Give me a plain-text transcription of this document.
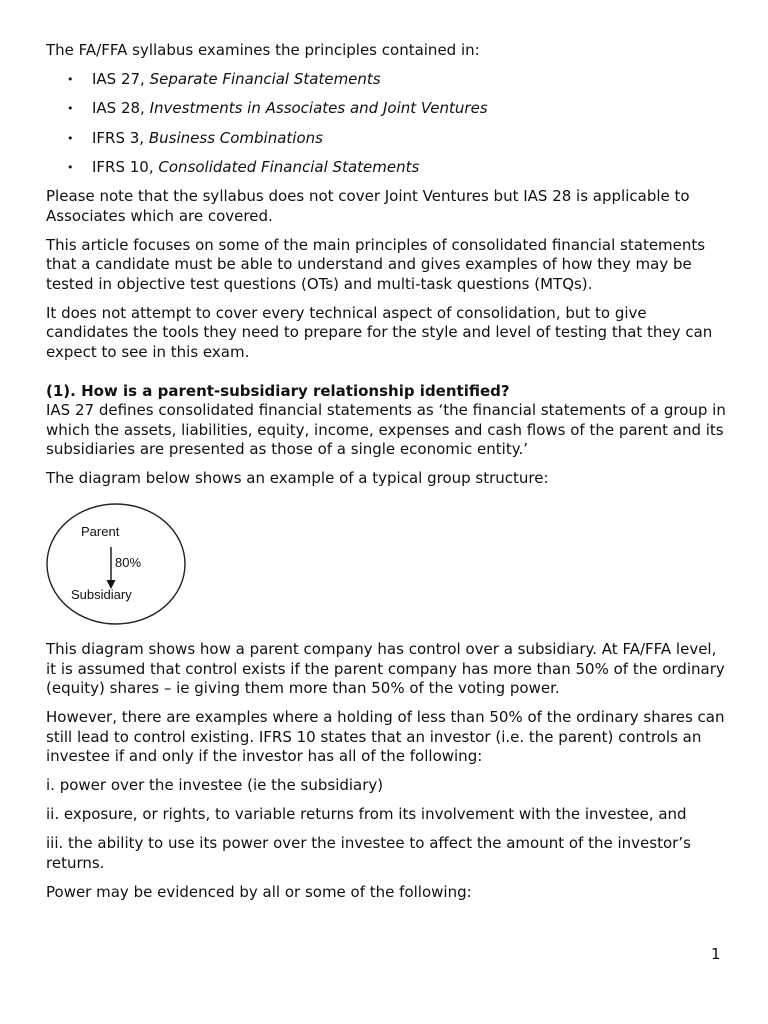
The FA/FFA syllabus examines the principles contained in:

• IAS 27, Separate Financial Statements
• IAS 28, Investments in Associates and Joint Ventures
• IFRS 3, Business Combinations
• IFRS 10, Consolidated Financial Statements

Please note that the syllabus does not cover Joint Ventures but IAS 28 is applicable to Associates which are covered.

This article focuses on some of the main principles of consolidated financial statements that a candidate must be able to understand and gives examples of how they may be tested in objective test questions (OTs) and multi-task questions (MTQs).

It does not attempt to cover every technical aspect of consolidation, but to give candidates the tools they need to prepare for the style and level of testing that they can expect to see in this exam.

(1). How is a parent-subsidiary relationship identified?

IAS 27 defines consolidated financial statements as ‘the financial statements of a group in which the assets, liabilities, equity, income, expenses and cash flows of the parent and its subsidiaries are presented as those of a single economic entity.’

The diagram below shows an example of a typical group structure:

Parent
80%
Subsidiary

This diagram shows how a parent company has control over a subsidiary. At FA/FFA level, it is assumed that control exists if the parent company has more than 50% of the ordinary (equity) shares – ie giving them more than 50% of the voting power.

However, there are examples where a holding of less than 50% of the ordinary shares can still lead to control existing. IFRS 10 states that an investor (i.e. the parent) controls an investee if and only if the investor has all of the following:

i. power over the investee (ie the subsidiary)

ii. exposure, or rights, to variable returns from its involvement with the investee, and

iii. the ability to use its power over the investee to affect the amount of the investor’s returns.

Power may be evidenced by all or some of the following:

1
